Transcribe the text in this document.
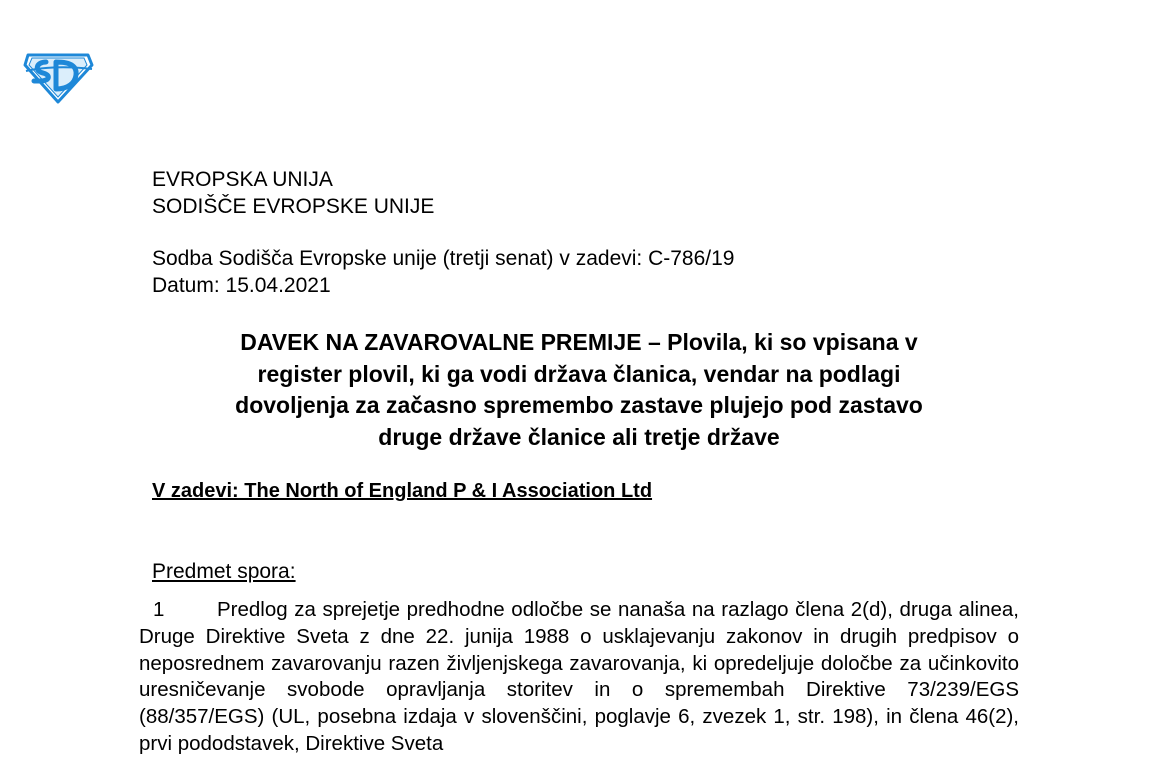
EVROPSKA UNIJA
SODIŠČE EVROPSKE UNIJE
Sodba Sodišča Evropske unije (tretji senat) v zadevi: C-786/19
Datum: 15.04.2021
DAVEK NA ZAVAROVALNE PREMIJE – Plovila, ki so vpisana v
register plovil, ki ga vodi država članica, vendar na podlagi
dovoljenja za začasno spremembo zastave plujejo pod zastavo
druge države članice ali tretje države
V zadevi: The North of England P & I Association Ltd
Predmet spora:
1	Predlog za sprejetje predhodne odločbe se nanaša na razlago člena 2(d), druga alinea, Druge Direktive Sveta z dne 22. junija 1988 o usklajevanju zakonov in drugih predpisov o neposrednem zavarovanju razen življenjskega zavarovanja, ki opredeljuje določbe za učinkovito uresničevanje svobode opravljanja storitev in o spremembah Direktive 73/239/EGS (88/357/EGS) (UL, posebna izdaja v slovenščini, poglavje 6, zvezek 1, str. 198), in člena 46(2), prvi pododstavek, Direktive Sveta
